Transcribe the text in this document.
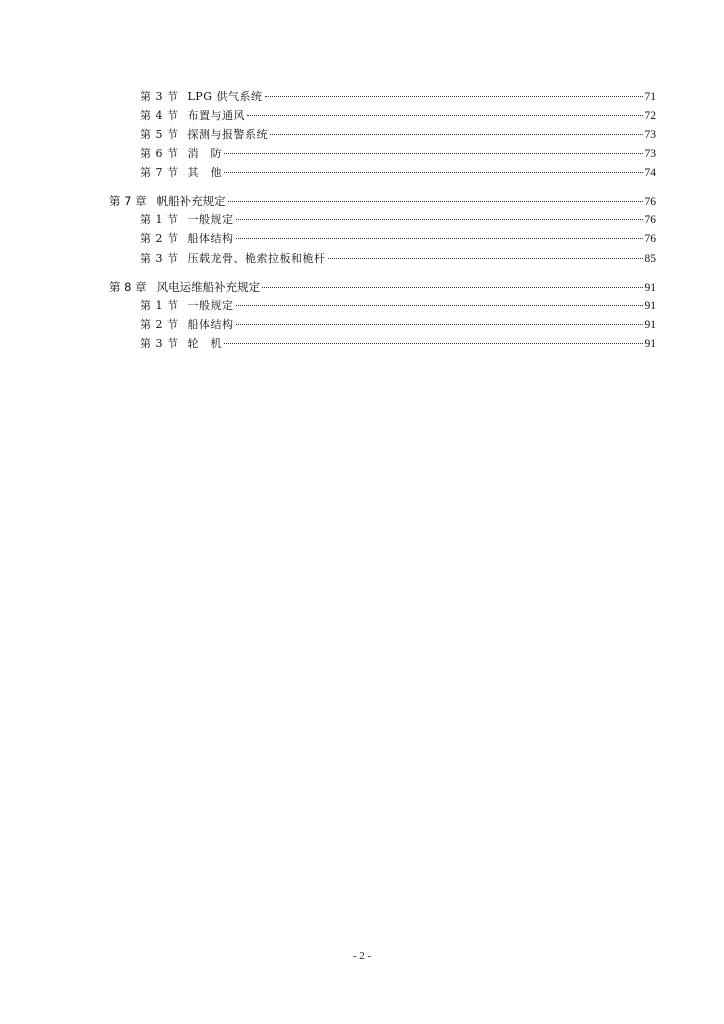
第 3 节 LPG 供气系统	71
第 4 节 布置与通风	72
第 5 节 探测与报警系统	73
第 6 节 消　防	73
第 7 节 其　他	74
第 7 章 帆船补充规定	76
第 1 节 一般规定	76
第 2 节 船体结构	76
第 3 节 压载龙骨、桅索拉板和桅杆	85
第 8 章 风电运维船补充规定	91
第 1 节 一般规定	91
第 2 节 船体结构	91
第 3 节 轮　机	91
- 2 -
